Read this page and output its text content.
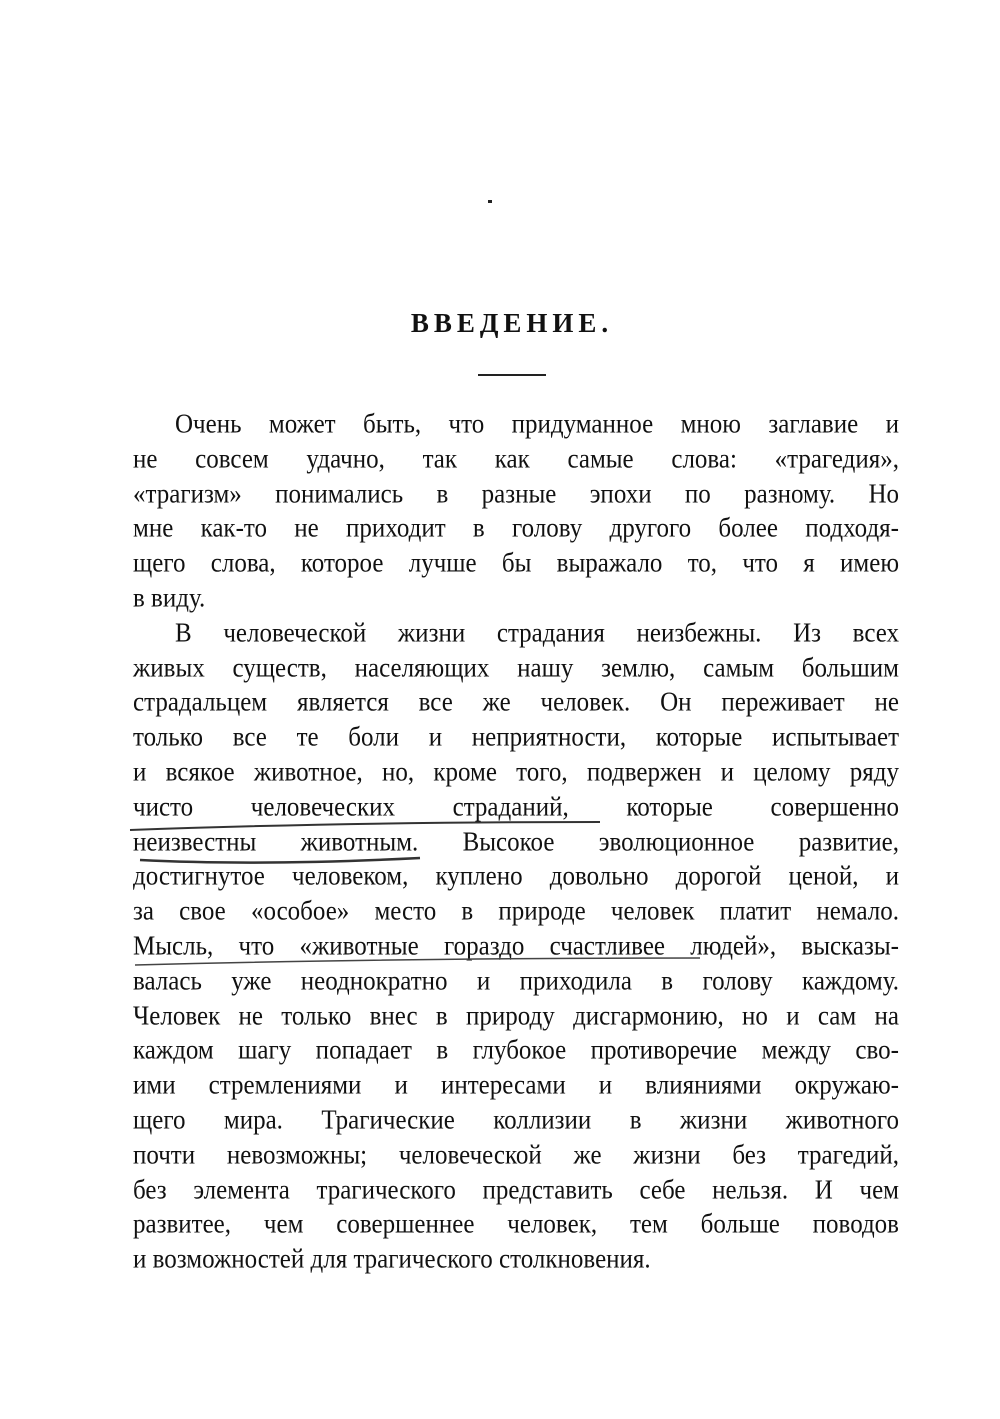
ВВЕДЕНИЕ.
Очень может быть, что придуманное мною заглавие и
не совсем удачно, так как самые слова: «трагедия»,
«трагизм» понимались в разные эпохи по разному. Но
мне как-то не приходит в голову другого более подходя-
щего слова, которое лучше бы выражало то, что я имею
в виду.
В человеческой жизни страдания неизбежны. Из всех
живых существ, населяющих нашу землю, самым большим
страдальцем является все же человек. Он переживает не
только все те боли и неприятности, которые испытывает
и всякое животное, но, кроме того, подвержен и целому ряду
чисто человеческих страданий, которые совершенно
неизвестны животным. Высокое эволюционное развитие,
достигнутое человеком, куплено довольно дорогой ценой, и
за свое «особое» место в природе человек платит немало.
Мысль, что «животные гораздо счастливее людей», высказы-
валась уже неоднократно и приходила в голову каждому.
Человек не только внес в природу дисгармонию, но и сам на
каждом шагу попадает в глубокое противоречие между сво-
ими стремлениями и интересами и влияниями окружаю-
щего мира. Трагические коллизии в жизни животного
почти невозможны; человеческой же жизни без трагедий,
без элемента трагического представить себе нельзя. И чем
развитее, чем совершеннее человек, тем больше поводов
и возможностей для трагического столкновения.
